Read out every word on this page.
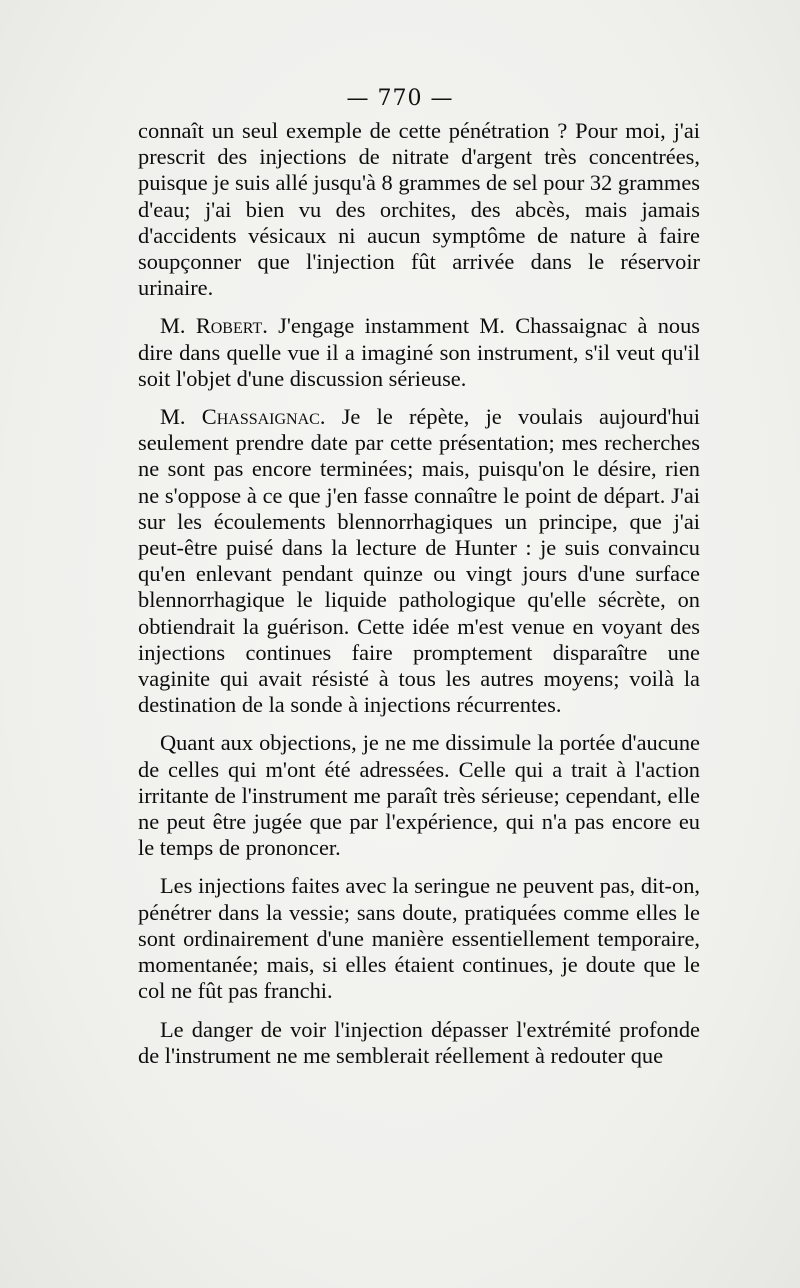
— 770 —

connaît un seul exemple de cette pénétration ? Pour moi, j'ai prescrit des injections de nitrate d'argent très concentrées, puisque je suis allé jusqu'à 8 grammes de sel pour 32 grammes d'eau; j'ai bien vu des orchites, des abcès, mais jamais d'accidents vésicaux ni aucun symptôme de nature à faire soupçonner que l'injection fût arrivée dans le réservoir urinaire.

M. Robert. J'engage instamment M. Chassaignac à nous dire dans quelle vue il a imaginé son instrument, s'il veut qu'il soit l'objet d'une discussion sérieuse.

M. Chassaignac. Je le répète, je voulais aujourd'hui seulement prendre date par cette présentation; mes recherches ne sont pas encore terminées; mais, puisqu'on le désire, rien ne s'oppose à ce que j'en fasse connaître le point de départ. J'ai sur les écoulements blennorrhagiques un principe, que j'ai peut-être puisé dans la lecture de Hunter : je suis convaincu qu'en enlevant pendant quinze ou vingt jours d'une surface blennorrhagique le liquide pathologique qu'elle sécrète, on obtiendrait la guérison. Cette idée m'est venue en voyant des injections continues faire promptement disparaître une vaginite qui avait résisté à tous les autres moyens; voilà la destination de la sonde à injections récurrentes.

Quant aux objections, je ne me dissimule la portée d'aucune de celles qui m'ont été adressées. Celle qui a trait à l'action irritante de l'instrument me paraît très sérieuse; cependant, elle ne peut être jugée que par l'expérience, qui n'a pas encore eu le temps de prononcer.

Les injections faites avec la seringue ne peuvent pas, dit-on, pénétrer dans la vessie; sans doute, pratiquées comme elles le sont ordinairement d'une manière essentiellement temporaire, momentanée; mais, si elles étaient continues, je doute que le col ne fût pas franchi.

Le danger de voir l'injection dépasser l'extrémité profonde de l'instrument ne me semblerait réellement à redouter que
